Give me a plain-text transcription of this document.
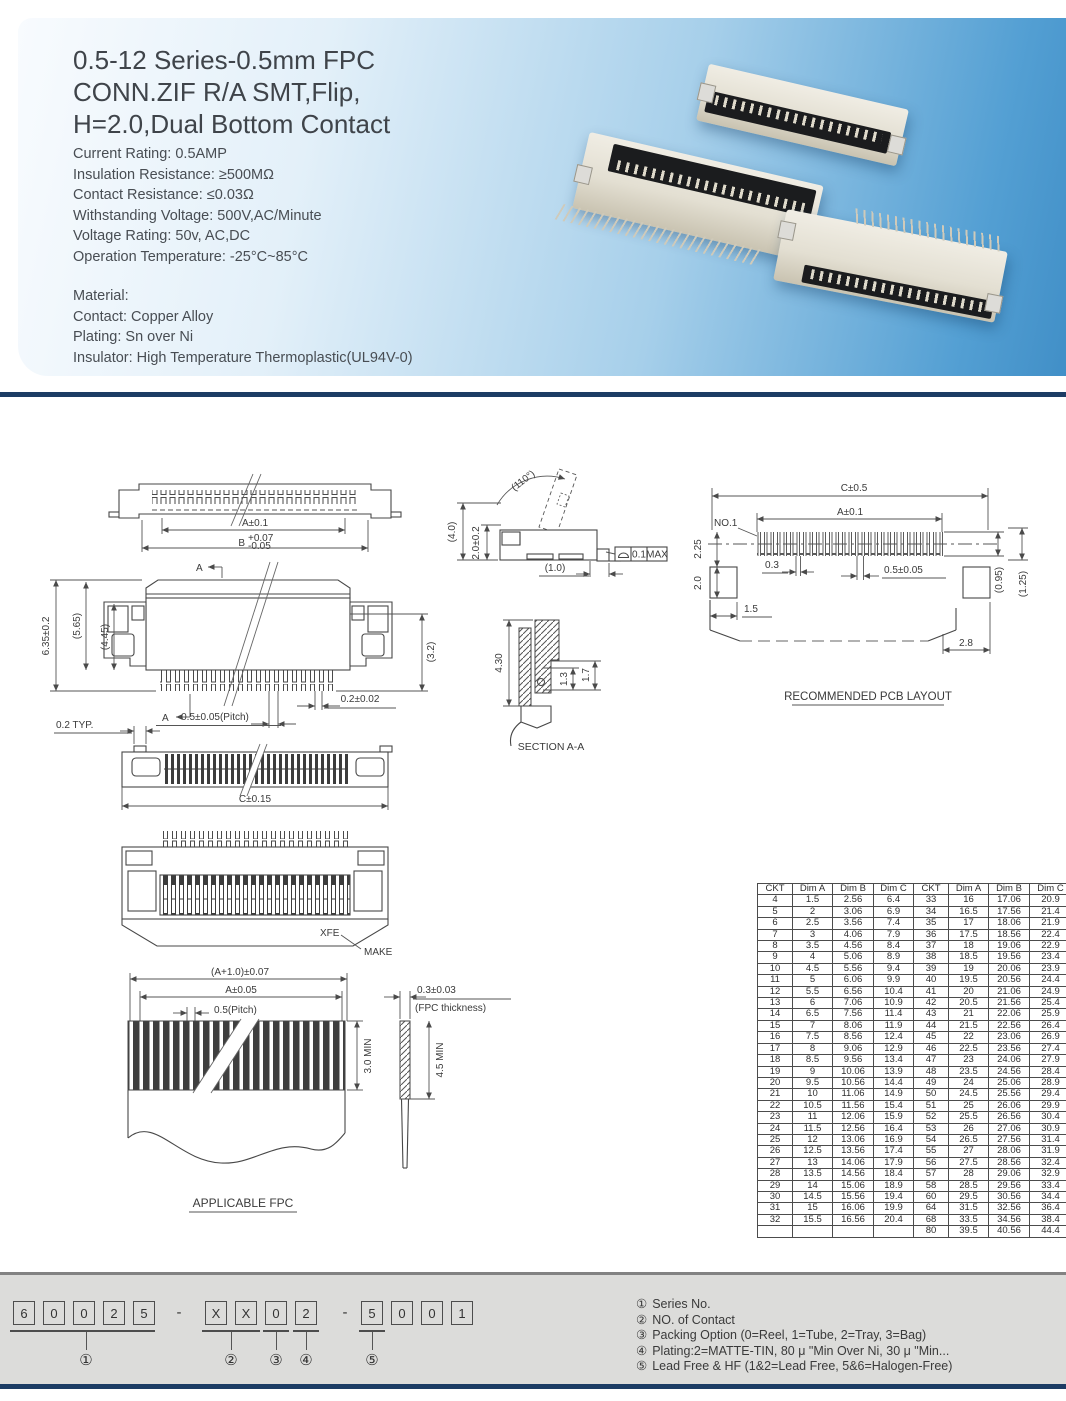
0.5-12 Series-0.5mm FPC
CONN.ZIF R/A SMT,Flip,
H=2.0,Dual Bottom Contact
Current Rating: 0.5AMP
Insulation Resistance: ≥500MΩ
Contact Resistance: ≤0.03Ω
Withstanding Voltage: 500V,AC/Minute
Voltage Rating: 50v, AC,DC
Operation Temperature: -25°C~85°C
Material:
Contact: Copper Alloy
Plating: Sn over Ni
Insulator: High Temperature Thermoplastic(UL94V-0)
A±0.1
B +0.07
-0.05
A
6.35±0.2 (5.65) (4.45)
(3.2)
A
0.2±0.02
0.5±0.05(Pitch)
0.2 TYP.
C±0.15
XFE
MAKE
(A+1.0)±0.07
A±0.05
0.5(Pitch)
3.0 MIN
0.3±0.03
(FPC thickness)
4.5 MIN
APPLICABLE FPC
(4.0) 2.0±0.2
(110°)
(1.0)
0.1 MAX
4.30
1.3 1.7
SECTION A-A
C±0.5
A±0.1
NO.1
0.3	0.5±0.05
2.25
2.0
1.5
(0.95) (1.25)
2.8
RECOMMENDED PCB LAYOUT
CKT	Dim A	Dim B	Dim C	CKT	Dim A	Dim B	Dim C
4	1.5	2.56	6.4	33	16	17.06	20.9
5	2	3.06	6.9	34	16.5	17.56	21.4
6	2.5	3.56	7.4	35	17	18.06	21.9
7	3	4.06	7.9	36	17.5	18.56	22.4
8	3.5	4.56	8.4	37	18	19.06	22.9
9	4	5.06	8.9	38	18.5	19.56	23.4
10	4.5	5.56	9.4	39	19	20.06	23.9
11	5	6.06	9.9	40	19.5	20.56	24.4
12	5.5	6.56	10.4	41	20	21.06	24.9
13	6	7.06	10.9	42	20.5	21.56	25.4
14	6.5	7.56	11.4	43	21	22.06	25.9
15	7	8.06	11.9	44	21.5	22.56	26.4
16	7.5	8.56	12.4	45	22	23.06	26.9
17	8	9.06	12.9	46	22.5	23.56	27.4
18	8.5	9.56	13.4	47	23	24.06	27.9
19	9	10.06	13.9	48	23.5	24.56	28.4
20	9.5	10.56	14.4	49	24	25.06	28.9
21	10	11.06	14.9	50	24.5	25.56	29.4
22	10.5	11.56	15.4	51	25	26.06	29.9
23	11	12.06	15.9	52	25.5	26.56	30.4
24	11.5	12.56	16.4	53	26	27.06	30.9
25	12	13.06	16.9	54	26.5	27.56	31.4
26	12.5	13.56	17.4	55	27	28.06	31.9
27	13	14.06	17.9	56	27.5	28.56	32.4
28	13.5	14.56	18.4	57	28	29.06	32.9
29	14	15.06	18.9	58	28.5	29.56	33.4
30	14.5	15.56	19.4	60	29.5	30.56	34.4
31	15	16.06	19.9	64	31.5	32.56	36.4
32	15.5	16.56	20.4	68	33.5	34.56	38.4
				80	39.5	40.56	44.4
6	0	0	2	5	-	X	X	0	2	-	5	0	0	1
①	② ③ ④	⑤
① Series No.
② NO. of Contact
③ Packing Option (0=Reel, 1=Tube, 2=Tray, 3=Bag)
④ Plating:2=MATTE-TIN, 80 μ "Min Over Ni, 30 μ "Min...
⑤ Lead Free & HF (1&2=Lead Free, 5&6=Halogen-Free)
